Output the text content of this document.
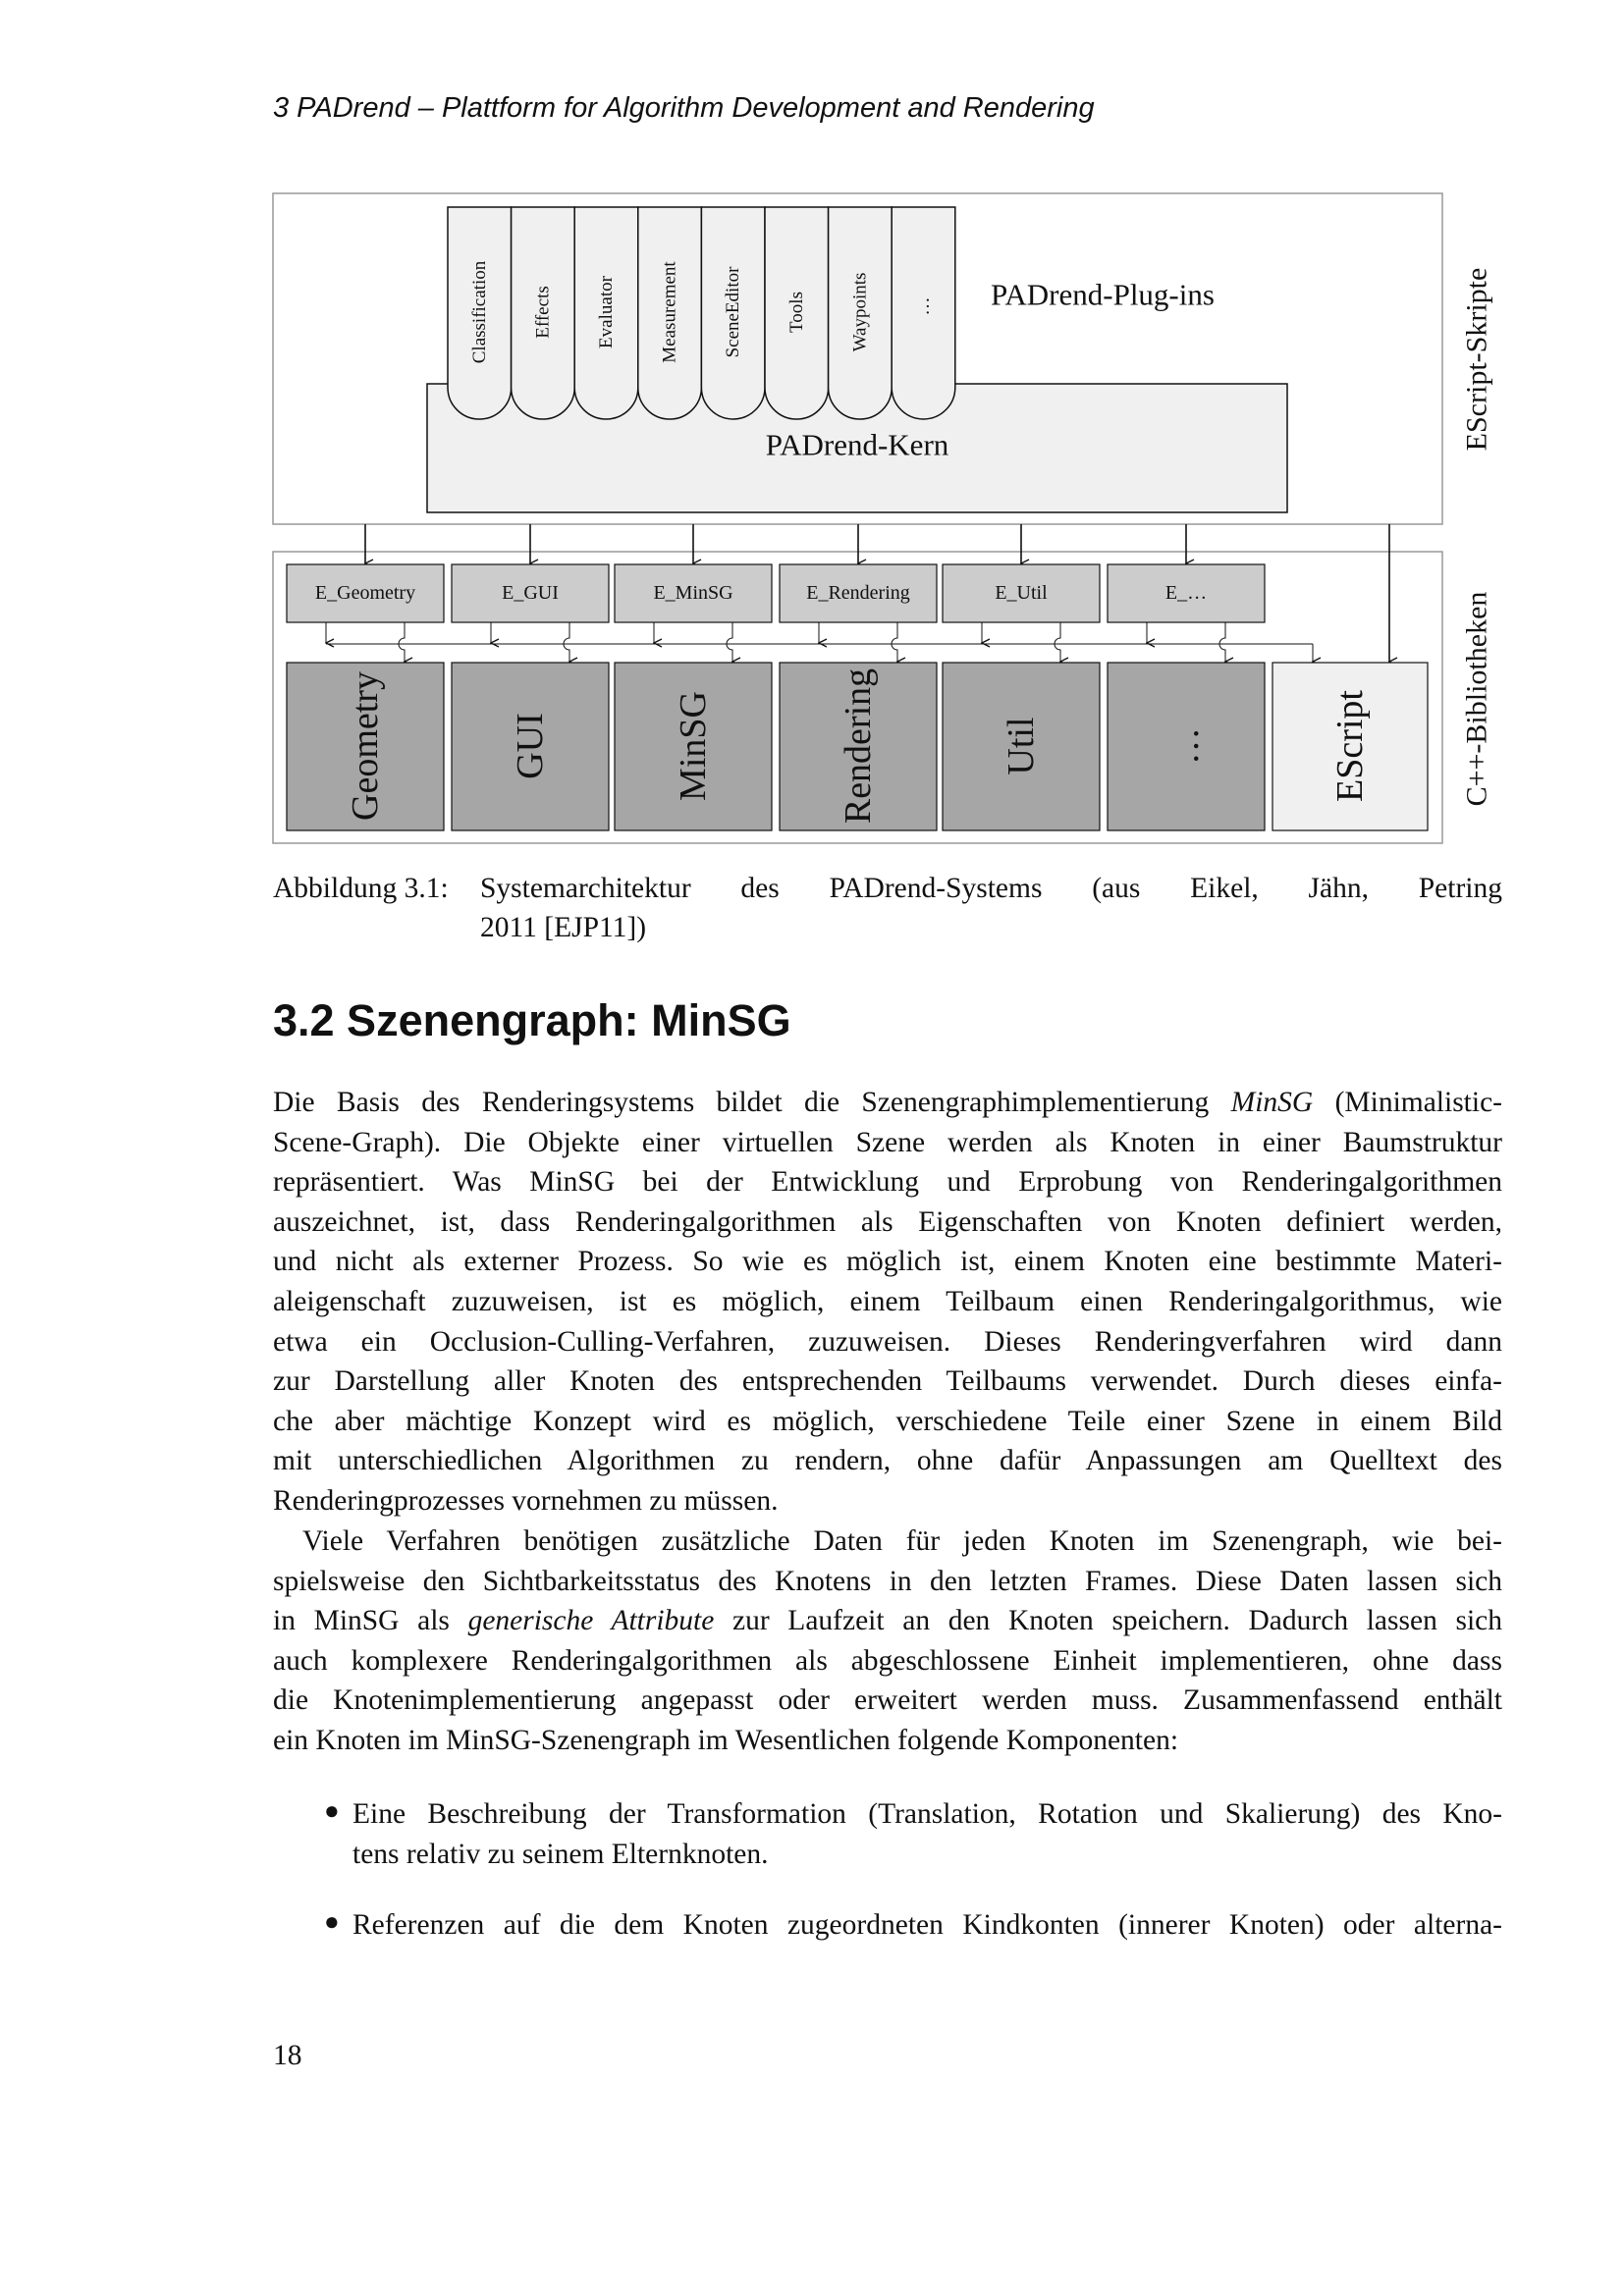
3 PADrend – Plattform for Algorithm Development and Rendering
PADrend-Kern
Classification Effects Evaluator Measurement SceneEditor Tools Waypoints … PADrend-Plug-ins	EScript-Skripte
C++-Bibliotheken
E_Geometry
Geometry
E_GUI
GUI
E_MinSG
MinSG
E_Rendering
Rendering
E_Util
Util
E_…
…	EScript
Abbildung 3.1: Systemarchitektur des PADrend-Systems (aus Eikel, Jähn, Petring
2011 [EJP11])
3.2 Szenengraph: MinSG
Die Basis des Renderingsystems bildet die Szenengraphimplementierung MinSG (Minimalistic-
Scene-Graph). Die Objekte einer virtuellen Szene werden als Knoten in einer Baumstruktur
repräsentiert. Was MinSG bei der Entwicklung und Erprobung von Renderingalgorithmen
auszeichnet, ist, dass Renderingalgorithmen als Eigenschaften von Knoten definiert werden,
und nicht als externer Prozess. So wie es möglich ist, einem Knoten eine bestimmte Materi-
aleigenschaft zuzuweisen, ist es möglich, einem Teilbaum einen Renderingalgorithmus, wie
etwa ein Occlusion-Culling-Verfahren, zuzuweisen. Dieses Renderingverfahren wird dann
zur Darstellung aller Knoten des entsprechenden Teilbaums verwendet. Durch dieses einfa-
che aber mächtige Konzept wird es möglich, verschiedene Teile einer Szene in einem Bild
mit unterschiedlichen Algorithmen zu rendern, ohne dafür Anpassungen am Quelltext des
Renderingprozesses vornehmen zu müssen.
Viele Verfahren benötigen zusätzliche Daten für jeden Knoten im Szenengraph, wie bei-
spielsweise den Sichtbarkeitsstatus des Knotens in den letzten Frames. Diese Daten lassen sich
in MinSG als generische Attribute zur Laufzeit an den Knoten speichern. Dadurch lassen sich
auch komplexere Renderingalgorithmen als abgeschlossene Einheit implementieren, ohne dass
die Knotenimplementierung angepasst oder erweitert werden muss. Zusammenfassend enthält
ein Knoten im MinSG-Szenengraph im Wesentlichen folgende Komponenten:
● Eine Beschreibung der Transformation (Translation, Rotation und Skalierung) des Kno-
tens relativ zu seinem Elternknoten.
● Referenzen auf die dem Knoten zugeordneten Kindkonten (innerer Knoten) oder alterna-
18
